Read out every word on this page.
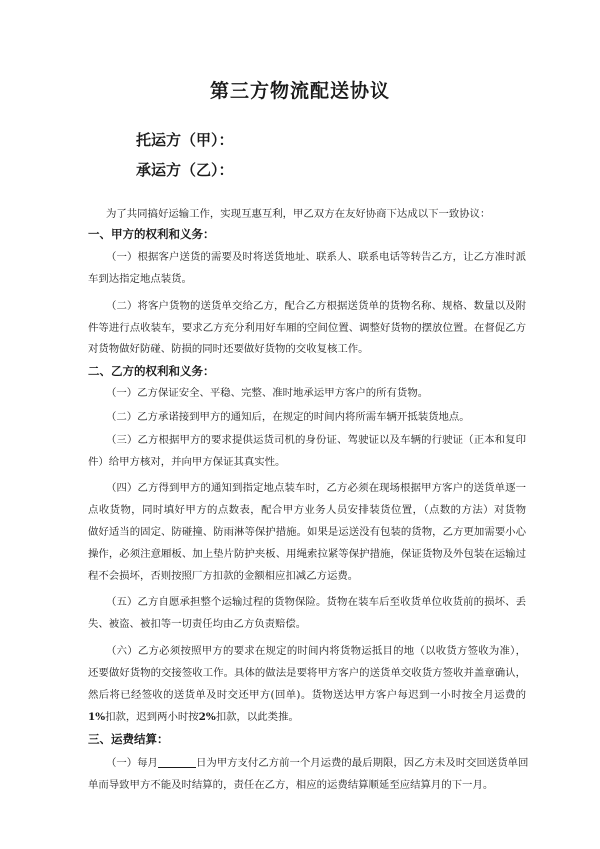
第三方物流配送协议
托运方（甲）：
承运方（乙）：
为了共同搞好运输工作，实现互惠互利，甲乙双方在友好协商下达成以下一致协议：
一、甲方的权利和义务：
（一）根据客户送货的需要及时将送货地址、联系人、联系电话等转告乙方，让乙方准时派
车到达指定地点装货。
（二）将客户货物的送货单交给乙方，配合乙方根据送货单的货物名称、规格、数量以及附
件等进行点收装车，要求乙方充分利用好车厢的空间位置、调整好货物的摆放位置。在督促乙方
对货物做好防碰、防损的同时还要做好货物的交收复核工作。
二、乙方的权利和义务：
（一）乙方保证安全、平稳、完整、准时地承运甲方客户的所有货物。
（二）乙方承诺接到甲方的通知后，在规定的时间内将所需车辆开抵装货地点。
（三）乙方根据甲方的要求提供运货司机的身份证、驾驶证以及车辆的行驶证（正本和复印
件）给甲方核对，并向甲方保证其真实性。
（四）乙方得到甲方的通知到指定地点装车时，乙方必须在现场根据甲方客户的送货单逐一
点收货物，同时填好甲方的点数表，配合甲方业务人员安排装货位置，（点数的方法）对货物
做好适当的固定、防碰撞、防雨淋等保护措施。如果是运送没有包装的货物，乙方更加需要小心
操作，必须注意厢板、加上垫片防护夹板、用绳索拉紧等保护措施，保证货物及外包装在运输过
程不会损坏，否则按照厂方扣款的金额相应扣减乙方运费。
（五）乙方自愿承担整个运输过程的货物保险。货物在装车后至收货单位收货前的损坏、丢
失、被盗、被扣等一切责任均由乙方负责赔偿。
（六）乙方必须按照甲方的要求在规定的时间内将货物运抵目的地（以收货方签收为准），
还要做好货物的交接签收工作。具体的做法是要将甲方客户的送货单交收货方签收并盖章确认，
然后将已经签收的送货单及时交还甲方(回单)。货物送达甲方客户每迟到一小时按全月运费的
1%扣款，迟到两小时按2%扣款，以此类推。
三、运费结算：
（一）每月	日为甲方支付乙方前一个月运费的最后期限，因乙方未及时交回送货单回
单而导致甲方不能及时结算的，责任在乙方，相应的运费结算顺延至应结算月的下一月。
